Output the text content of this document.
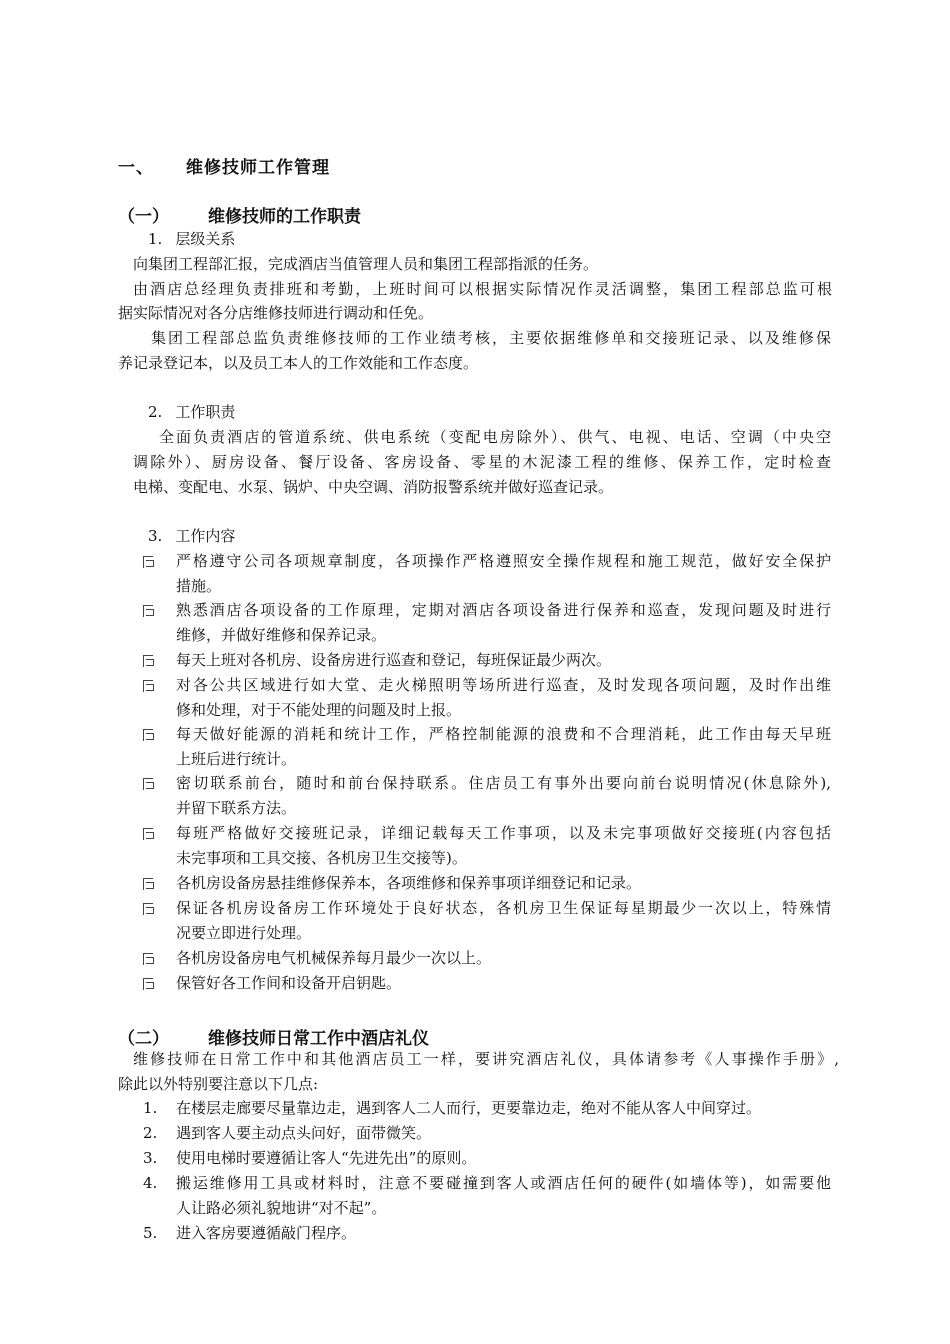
一、 维修技师工作管理
（一） 维修技师的工作职责
1. 层级关系
向集团工程部汇报，完成酒店当值管理人员和集团工程部指派的任务。
由酒店总经理负责排班和考勤，上班时间可以根据实际情况作灵活调整，集团工程部总监可根
据实际情况对各分店维修技师进行调动和任免。
集团工程部总监负责维修技师的工作业绩考核，主要依据维修单和交接班记录、以及维修保
养记录登记本，以及员工本人的工作效能和工作态度。
2. 工作职责
全面负责酒店的管道系统、供电系统（变配电房除外）、供气、电视、电话、空调（中央空
调除外）、厨房设备、餐厅设备、客房设备、零星的木泥漆工程的维修、保养工作，定时检查
电梯、变配电、水泵、锅炉、中央空调、消防报警系统并做好巡查记录。
3. 工作内容
严格遵守公司各项规章制度，各项操作严格遵照安全操作规程和施工规范，做好安全保护
措施。
熟悉酒店各项设备的工作原理，定期对酒店各项设备进行保养和巡查，发现问题及时进行
维修，并做好维修和保养记录。
每天上班对各机房、设备房进行巡查和登记，每班保证最少两次。
对各公共区域进行如大堂、走火梯照明等场所进行巡查，及时发现各项问题，及时作出维
修和处理，对于不能处理的问题及时上报。
每天做好能源的消耗和统计工作，严格控制能源的浪费和不合理消耗，此工作由每天早班
上班后进行统计。
密切联系前台，随时和前台保持联系。住店员工有事外出要向前台说明情况(休息除外),
并留下联系方法。
每班严格做好交接班记录，详细记载每天工作事项，以及未完事项做好交接班(内容包括
未完事项和工具交接、各机房卫生交接等)。
各机房设备房悬挂维修保养本，各项维修和保养事项详细登记和记录。
保证各机房设备房工作环境处于良好状态，各机房卫生保证每星期最少一次以上，特殊情
况要立即进行处理。
各机房设备房电气机械保养每月最少一次以上。
保管好各工作间和设备开启钥匙。
（二） 维修技师日常工作中酒店礼仪
维修技师在日常工作中和其他酒店员工一样，要讲究酒店礼仪，具体请参考《人事操作手册》,
除此以外特别要注意以下几点:
1. 在楼层走廊要尽量靠边走，遇到客人二人而行，更要靠边走，绝对不能从客人中间穿过。
2. 遇到客人要主动点头问好，面带微笑。
3. 使用电梯时要遵循让客人“先进先出”的原则。
4. 搬运维修用工具或材料时，注意不要碰撞到客人或酒店任何的硬件(如墙体等)，如需要他
人让路必须礼貌地讲“对不起”。
5. 进入客房要遵循敲门程序。
